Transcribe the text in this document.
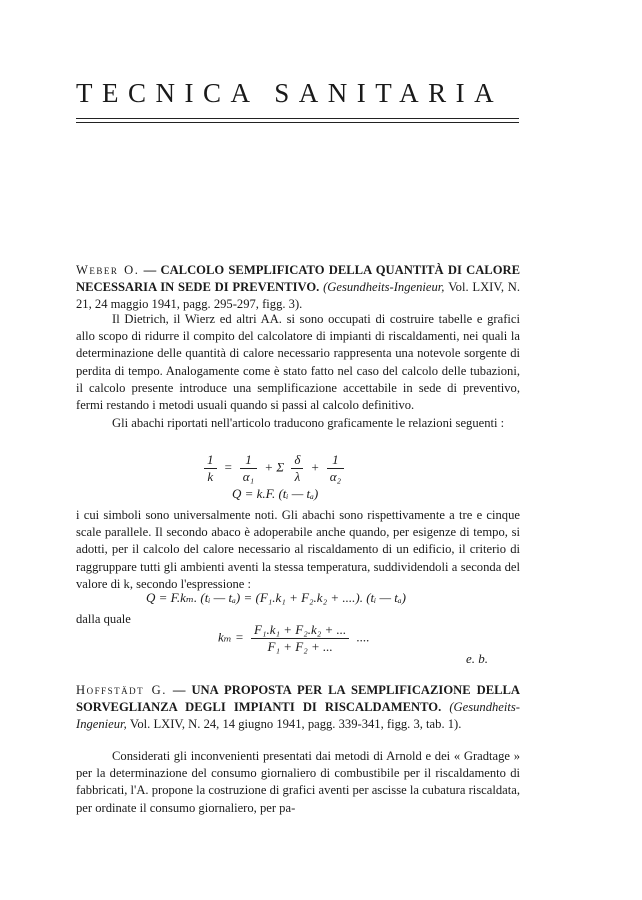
TECNICA SANITARIA
Weber O. — CALCOLO SEMPLIFICATO DELLA QUANTITÀ DI CALORE NECESSARIA IN SEDE DI PREVENTIVO. (Gesundheits-Ingenieur, Vol. LXIV, N. 21, 24 maggio 1941, pagg. 295-297, figg. 3).
Il Dietrich, il Wierz ed altri AA. si sono occupati di costruire tabelle e grafici allo scopo di ridurre il compito del calcolatore di impianti di riscaldamenti, nei quali la determinazione delle quantità di calore necessario rappresenta una notevole sorgente di perdita di tempo. Analogamente come è stato fatto nel caso del calcolo delle tubazioni, il calcolo presente introduce una semplificazione accettabile in sede di preventivo, fermi restando i metodi usuali quando si passi al calcolo definitivo.
Gli abachi riportati nell'articolo traducono graficamente le relazioni seguenti :
$\frac{1}{k} = \frac{1}{\text{α₁}} + \Sigma \frac{\delta}{\lambda} + \frac{1}{\text{α₂}}$
Q = k.F. (tᵢ — tₐ)
i cui simboli sono universalmente noti. Gli abachi sono rispettivamente a tre e cinque scale parallele. Il secondo abaco è adoperabile anche quando, per esigenze di tempo, si adotti, per il calcolo del calore necessario al riscaldamento di un edificio, il criterio di raggruppare tutti gli ambienti aventi la stessa temperatura, suddividendoli a seconda del valore di k, secondo l'espressione :
Q = F.kₘ. (tᵢ — tₐ) = (F₁.k₁ + F₂.k₂ + ....). (tᵢ — tₐ)
dalla quale
$k_m = \frac{\text{F₁.k₁ + F₂.k₂ + ...}}{\text{F₁ + F₂ + ...}}$ ....
e. b.
Hoffstädt G. — UNA PROPOSTA PER LA SEMPLIFICAZIONE DELLA SORVEGLIANZA DEGLI IMPIANTI DI RISCALDAMENTO. (Gesundheits-Ingenieur, Vol. LXIV, N. 24, 14 giugno 1941, pagg. 339-341, figg. 3, tab. 1).
Considerati gli inconvenienti presentati dai metodi di Arnold e dei « Gradtage » per la determinazione del consumo giornaliero di combustibile per il riscaldamento di fabbricati, l'A. propone la costruzione di grafici aventi per ascisse la cubatura riscaldata, per ordinate il consumo giornaliero, per pa-
